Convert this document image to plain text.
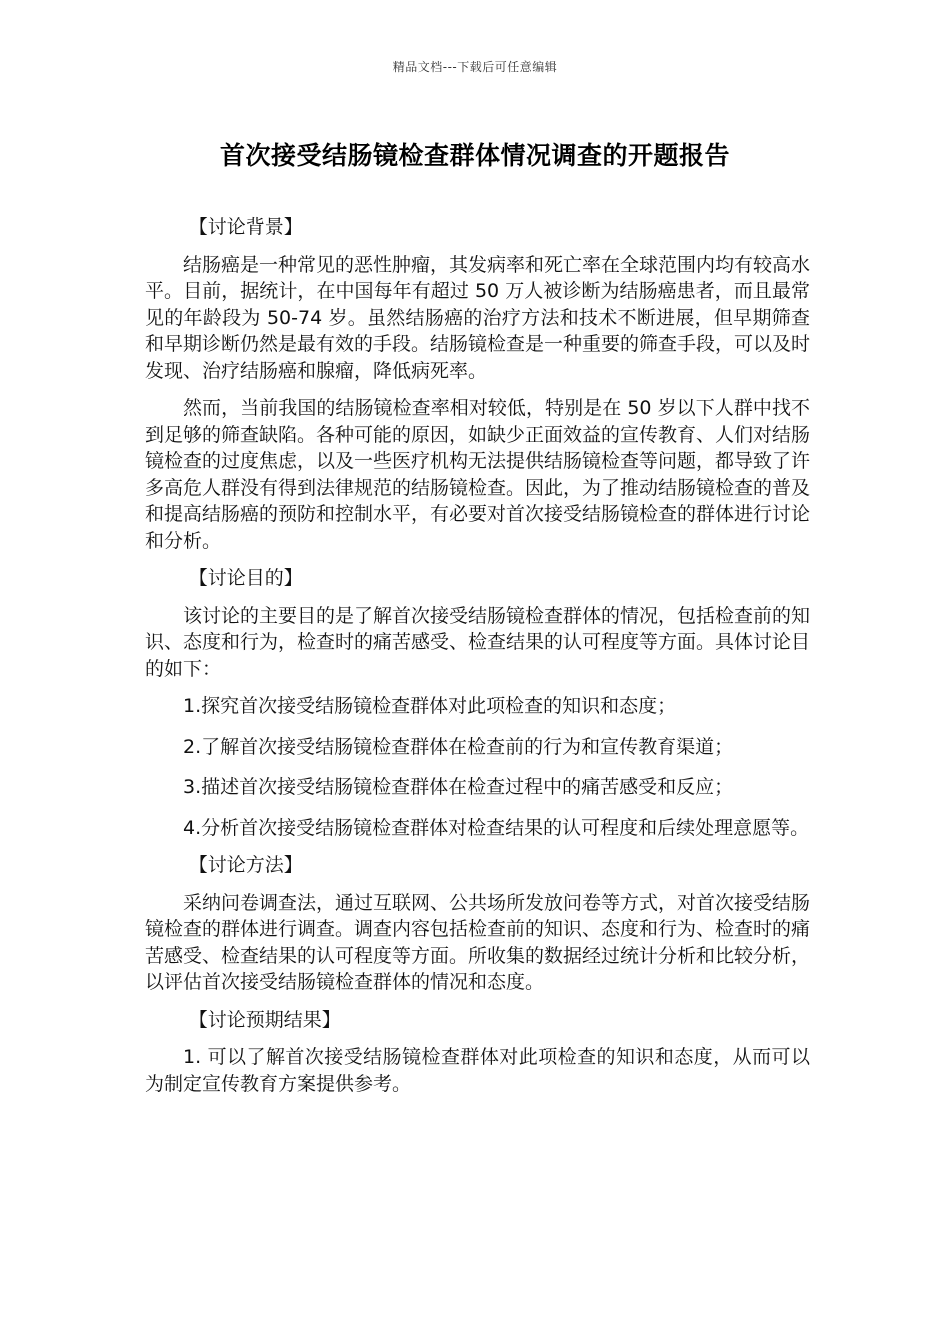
精品文档---下载后可任意编辑
首次接受结肠镜检查群体情况调查的开题报告

【讨论背景】

结肠癌是一种常见的恶性肿瘤，其发病率和死亡率在全球范围内均有较高水平。目前，据统计，在中国每年有超过 50 万人被诊断为结肠癌患者，而且最常见的年龄段为 50-74 岁。虽然结肠癌的治疗方法和技术不断进展，但早期筛查和早期诊断仍然是最有效的手段。结肠镜检查是一种重要的筛查手段，可以及时发现、治疗结肠癌和腺瘤，降低病死率。

然而，当前我国的结肠镜检查率相对较低，特别是在 50 岁以下人群中找不到足够的筛查缺陷。各种可能的原因，如缺少正面效益的宣传教育、人们对结肠镜检查的过度焦虑，以及一些医疗机构无法提供结肠镜检查等问题，都导致了许多高危人群没有得到法律规范的结肠镜检查。因此，为了推动结肠镜检查的普及和提高结肠癌的预防和控制水平，有必要对首次接受结肠镜检查的群体进行讨论和分析。

【讨论目的】

该讨论的主要目的是了解首次接受结肠镜检查群体的情况，包括检查前的知识、态度和行为，检查时的痛苦感受、检查结果的认可程度等方面。具体讨论目的如下：

1.探究首次接受结肠镜检查群体对此项检查的知识和态度；

2.了解首次接受结肠镜检查群体在检查前的行为和宣传教育渠道；

3.描述首次接受结肠镜检查群体在检查过程中的痛苦感受和反应；

4.分析首次接受结肠镜检查群体对检查结果的认可程度和后续处理意愿等。

【讨论方法】

采纳问卷调查法，通过互联网、公共场所发放问卷等方式，对首次接受结肠镜检查的群体进行调查。调查内容包括检查前的知识、态度和行为、检查时的痛苦感受、检查结果的认可程度等方面。所收集的数据经过统计分析和比较分析，以评估首次接受结肠镜检查群体的情况和态度。

【讨论预期结果】

1. 可以了解首次接受结肠镜检查群体对此项检查的知识和态度，从而可以为制定宣传教育方案提供参考。
